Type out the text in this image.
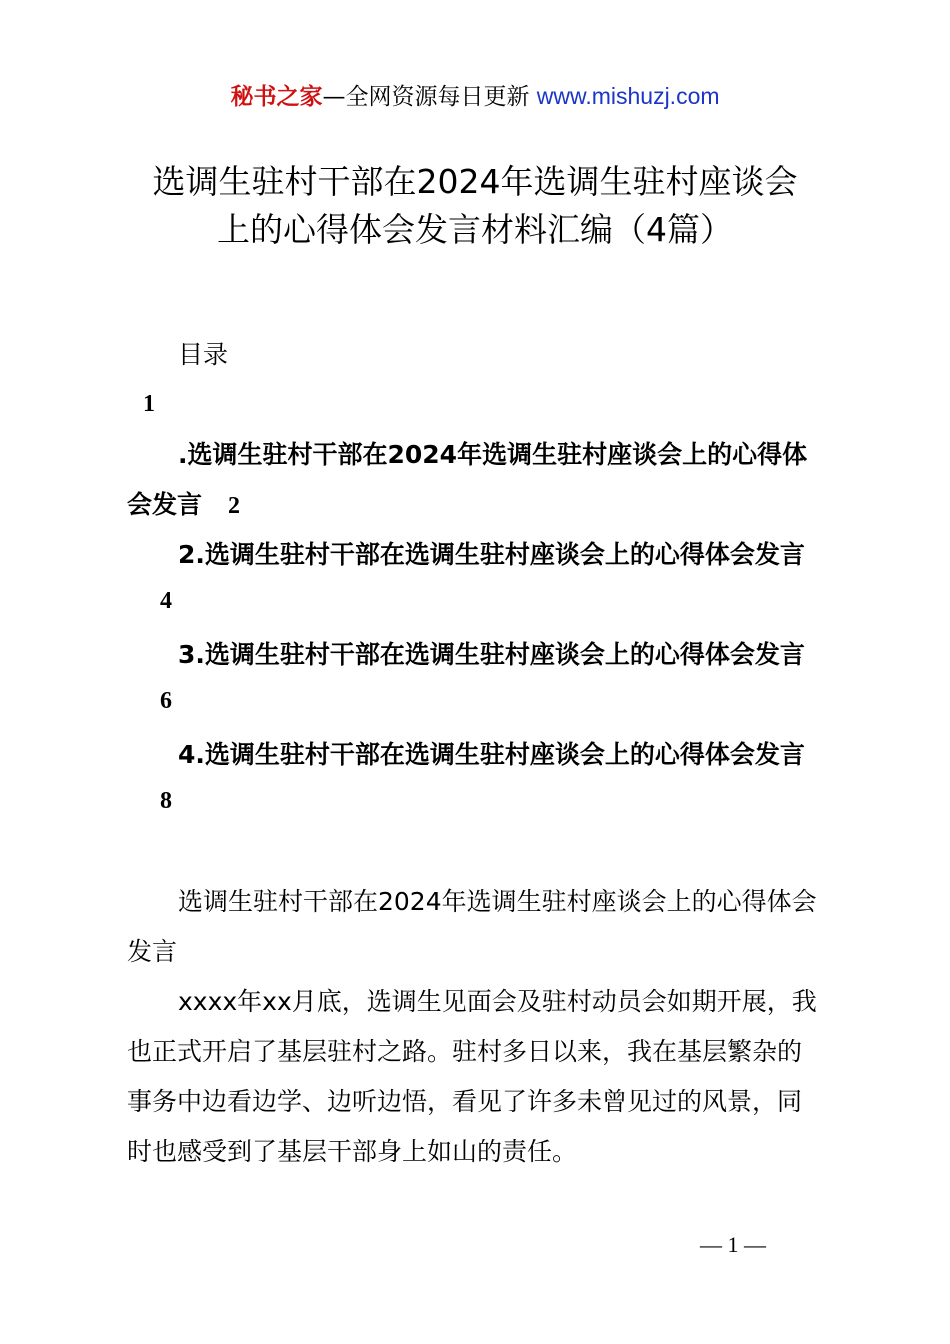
秘书之家—全网资源每日更新 www.mishuzj.com
选调生驻村干部在2024年选调生驻村座谈会
上的心得体会发言材料汇编（4篇）
目录
1
.选调生驻村干部在2024年选调生驻村座谈会上的心得体
会发言 2
2.选调生驻村干部在选调生驻村座谈会上的心得体会发言
4
3.选调生驻村干部在选调生驻村座谈会上的心得体会发言
6
4.选调生驻村干部在选调生驻村座谈会上的心得体会发言
8
选调生驻村干部在2024年选调生驻村座谈会上的心得体会
发言
xxxx年xx月底，选调生见面会及驻村动员会如期开展，我
也正式开启了基层驻村之路。驻村多日以来，我在基层繁杂的
事务中边看边学、边听边悟，看见了许多未曾见过的风景，同
时也感受到了基层干部身上如山的责任。
— 1 —
